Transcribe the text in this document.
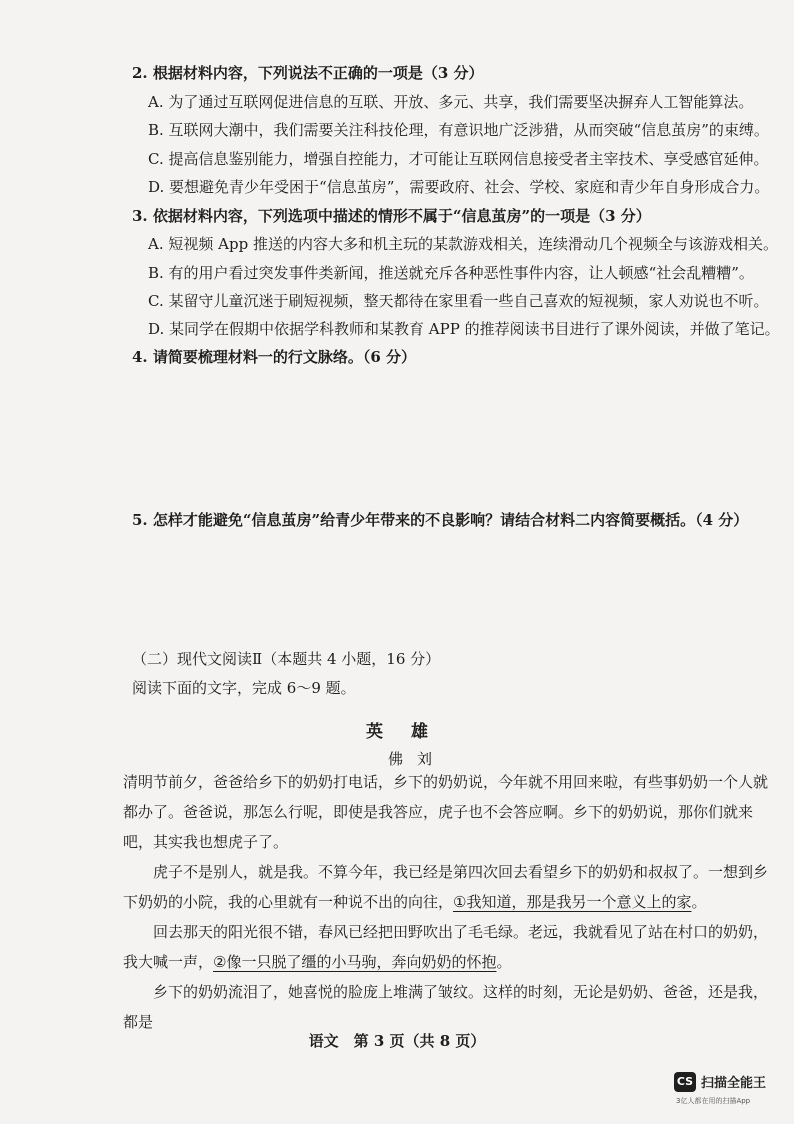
2. 根据材料内容，下列说法不正确的一项是（3 分）
A. 为了通过互联网促进信息的互联、开放、多元、共享，我们需要坚决摒弃人工智能算法。
B. 互联网大潮中，我们需要关注科技伦理，有意识地广泛涉猎，从而突破“信息茧房”的束缚。
C. 提高信息鉴别能力，增强自控能力，才可能让互联网信息接受者主宰技术、享受感官延伸。
D. 要想避免青少年受困于“信息茧房”，需要政府、社会、学校、家庭和青少年自身形成合力。
3. 依据材料内容，下列选项中描述的情形不属于“信息茧房”的一项是（3 分）
A. 短视频 App 推送的内容大多和机主玩的某款游戏相关，连续滑动几个视频全与该游戏相关。
B. 有的用户看过突发事件类新闻，推送就充斥各种恶性事件内容，让人顿感“社会乱糟糟”。
C. 某留守儿童沉迷于刷短视频，整天都待在家里看一些自己喜欢的短视频，家人劝说也不听。
D. 某同学在假期中依据学科教师和某教育 APP 的推荐阅读书目进行了课外阅读，并做了笔记。
4. 请简要梳理材料一的行文脉络。（6 分）
5. 怎样才能避免“信息茧房”给青少年带来的不良影响？请结合材料二内容简要概括。（4 分）
（二）现代文阅读Ⅱ（本题共 4 小题，16 分）
阅读下面的文字，完成 6～9 题。
英雄
佛刘
清明节前夕，爸爸给乡下的奶奶打电话，乡下的奶奶说，今年就不用回来啦，有些事奶奶一个人就都办了。爸爸说，那怎么行呢，即使是我答应，虎子也不会答应啊。乡下的奶奶说，那你们就来吧，其实我也想虎子了。
虎子不是别人，就是我。不算今年，我已经是第四次回去看望乡下的奶奶和叔叔了。一想到乡下奶奶的小院，我的心里就有一种说不出的向往，①我知道，那是我另一个意义上的家。
回去那天的阳光很不错，春风已经把田野吹出了毛毛绿。老远，我就看见了站在村口的奶奶，我大喊一声，②像一只脱了缰的小马驹，奔向奶奶的怀抱。
乡下的奶奶流泪了，她喜悦的脸庞上堆满了皱纹。这样的时刻，无论是奶奶、爸爸，还是我，都是
语文　第 3 页（共 8 页）
CS 扫描全能王
3亿人都在用的扫描App
